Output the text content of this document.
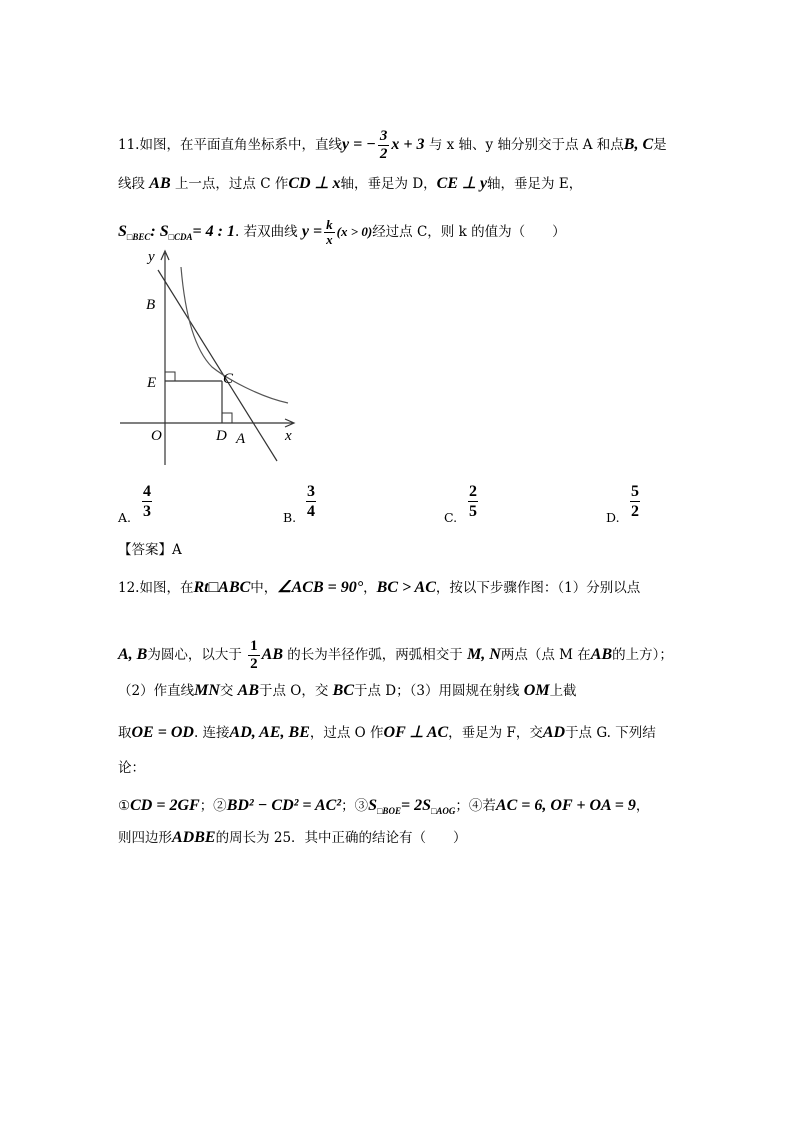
11.如图，在平面直角坐标系中，直线y = − $\frac{3}{2}$ x + 3 与 x 轴、y 轴分别交于点 A 和点B, C是
线段 AB 上一点，过点 C 作CD ⊥ x轴，垂足为 D，CE ⊥ y轴，垂足为 E，
$S_{□BEC}$: $S_{□CDA}= 4$ : 1. 若双曲线 $y = \frac{k}{x} (x > 0)$经过点 C，则 k 的值为（　　）
y
B
E	C
O	D A	x
A. $\frac{4}{3}$	B. $\frac{3}{4}$	C. $\frac{2}{5}$	D. $\frac{5}{2}$
【答案】A
12.如图，在Rt□ABC中，∠ACB = 90°，BC > AC，按以下步骤作图：（1）分别以点
A, B为圆心，以大于 $\frac{1}{2}$ AB 的长为半径作弧，两弧相交于 M, N两点（点 M 在AB的上方）；
（2）作直线MN交 AB于点 O，交 BC于点 D；（3）用圆规在射线 OM上截
取OE = OD. 连接AD, AE, BE，过点 O 作OF ⊥ AC，垂足为 F，交AD于点 G. 下列结
论：
①CD = 2GF；②BD² − CD² = AC²；$③S_{□BOE}= 2S_{□AOG}$；④若AC = 6, OF + OA = 9，
则四边形ADBE的周长为 25．其中正确的结论有（　　）
